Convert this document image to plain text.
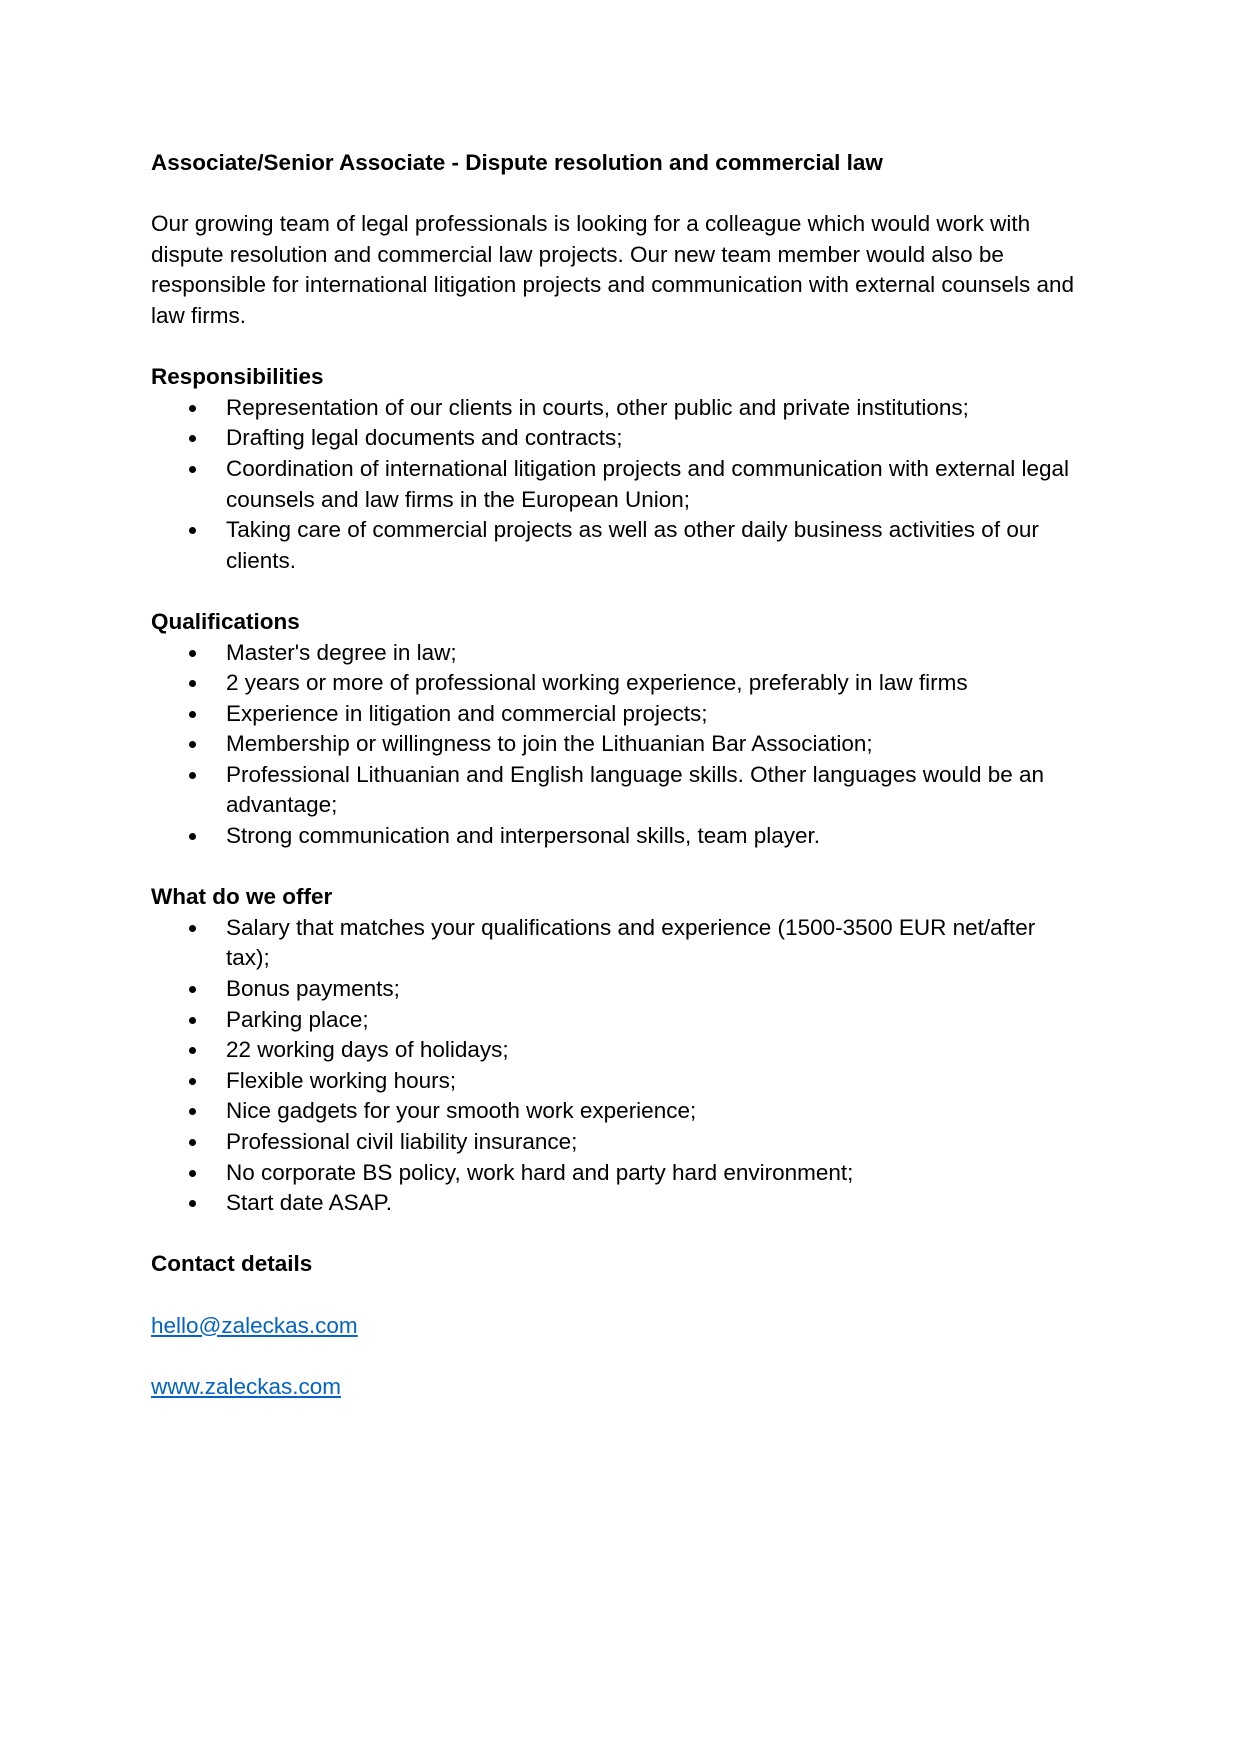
Associate/Senior Associate - Dispute resolution and commercial law
Our growing team of legal professionals is looking for a colleague which would work with dispute resolution and commercial law projects. Our new team member would also be responsible for international litigation projects and communication with external counsels and law firms.
Responsibilities
Representation of our clients in courts, other public and private institutions;
Drafting legal documents and contracts;
Coordination of international litigation projects and communication with external legal counsels and law firms in the European Union;
Taking care of commercial projects as well as other daily business activities of our clients.
Qualifications
Master's degree in law;
2 years or more of professional working experience, preferably in law firms
Experience in litigation and commercial projects;
Membership or willingness to join the Lithuanian Bar Association;
Professional Lithuanian and English language skills. Other languages would be an advantage;
Strong communication and interpersonal skills, team player.
What do we offer
Salary that matches your qualifications and experience (1500-3500 EUR net/after tax);
Bonus payments;
Parking place;
22 working days of holidays;
Flexible working hours;
Nice gadgets for your smooth work experience;
Professional civil liability insurance;
No corporate BS policy, work hard and party hard environment;
Start date ASAP.
Contact details
hello@zaleckas.com
www.zaleckas.com
